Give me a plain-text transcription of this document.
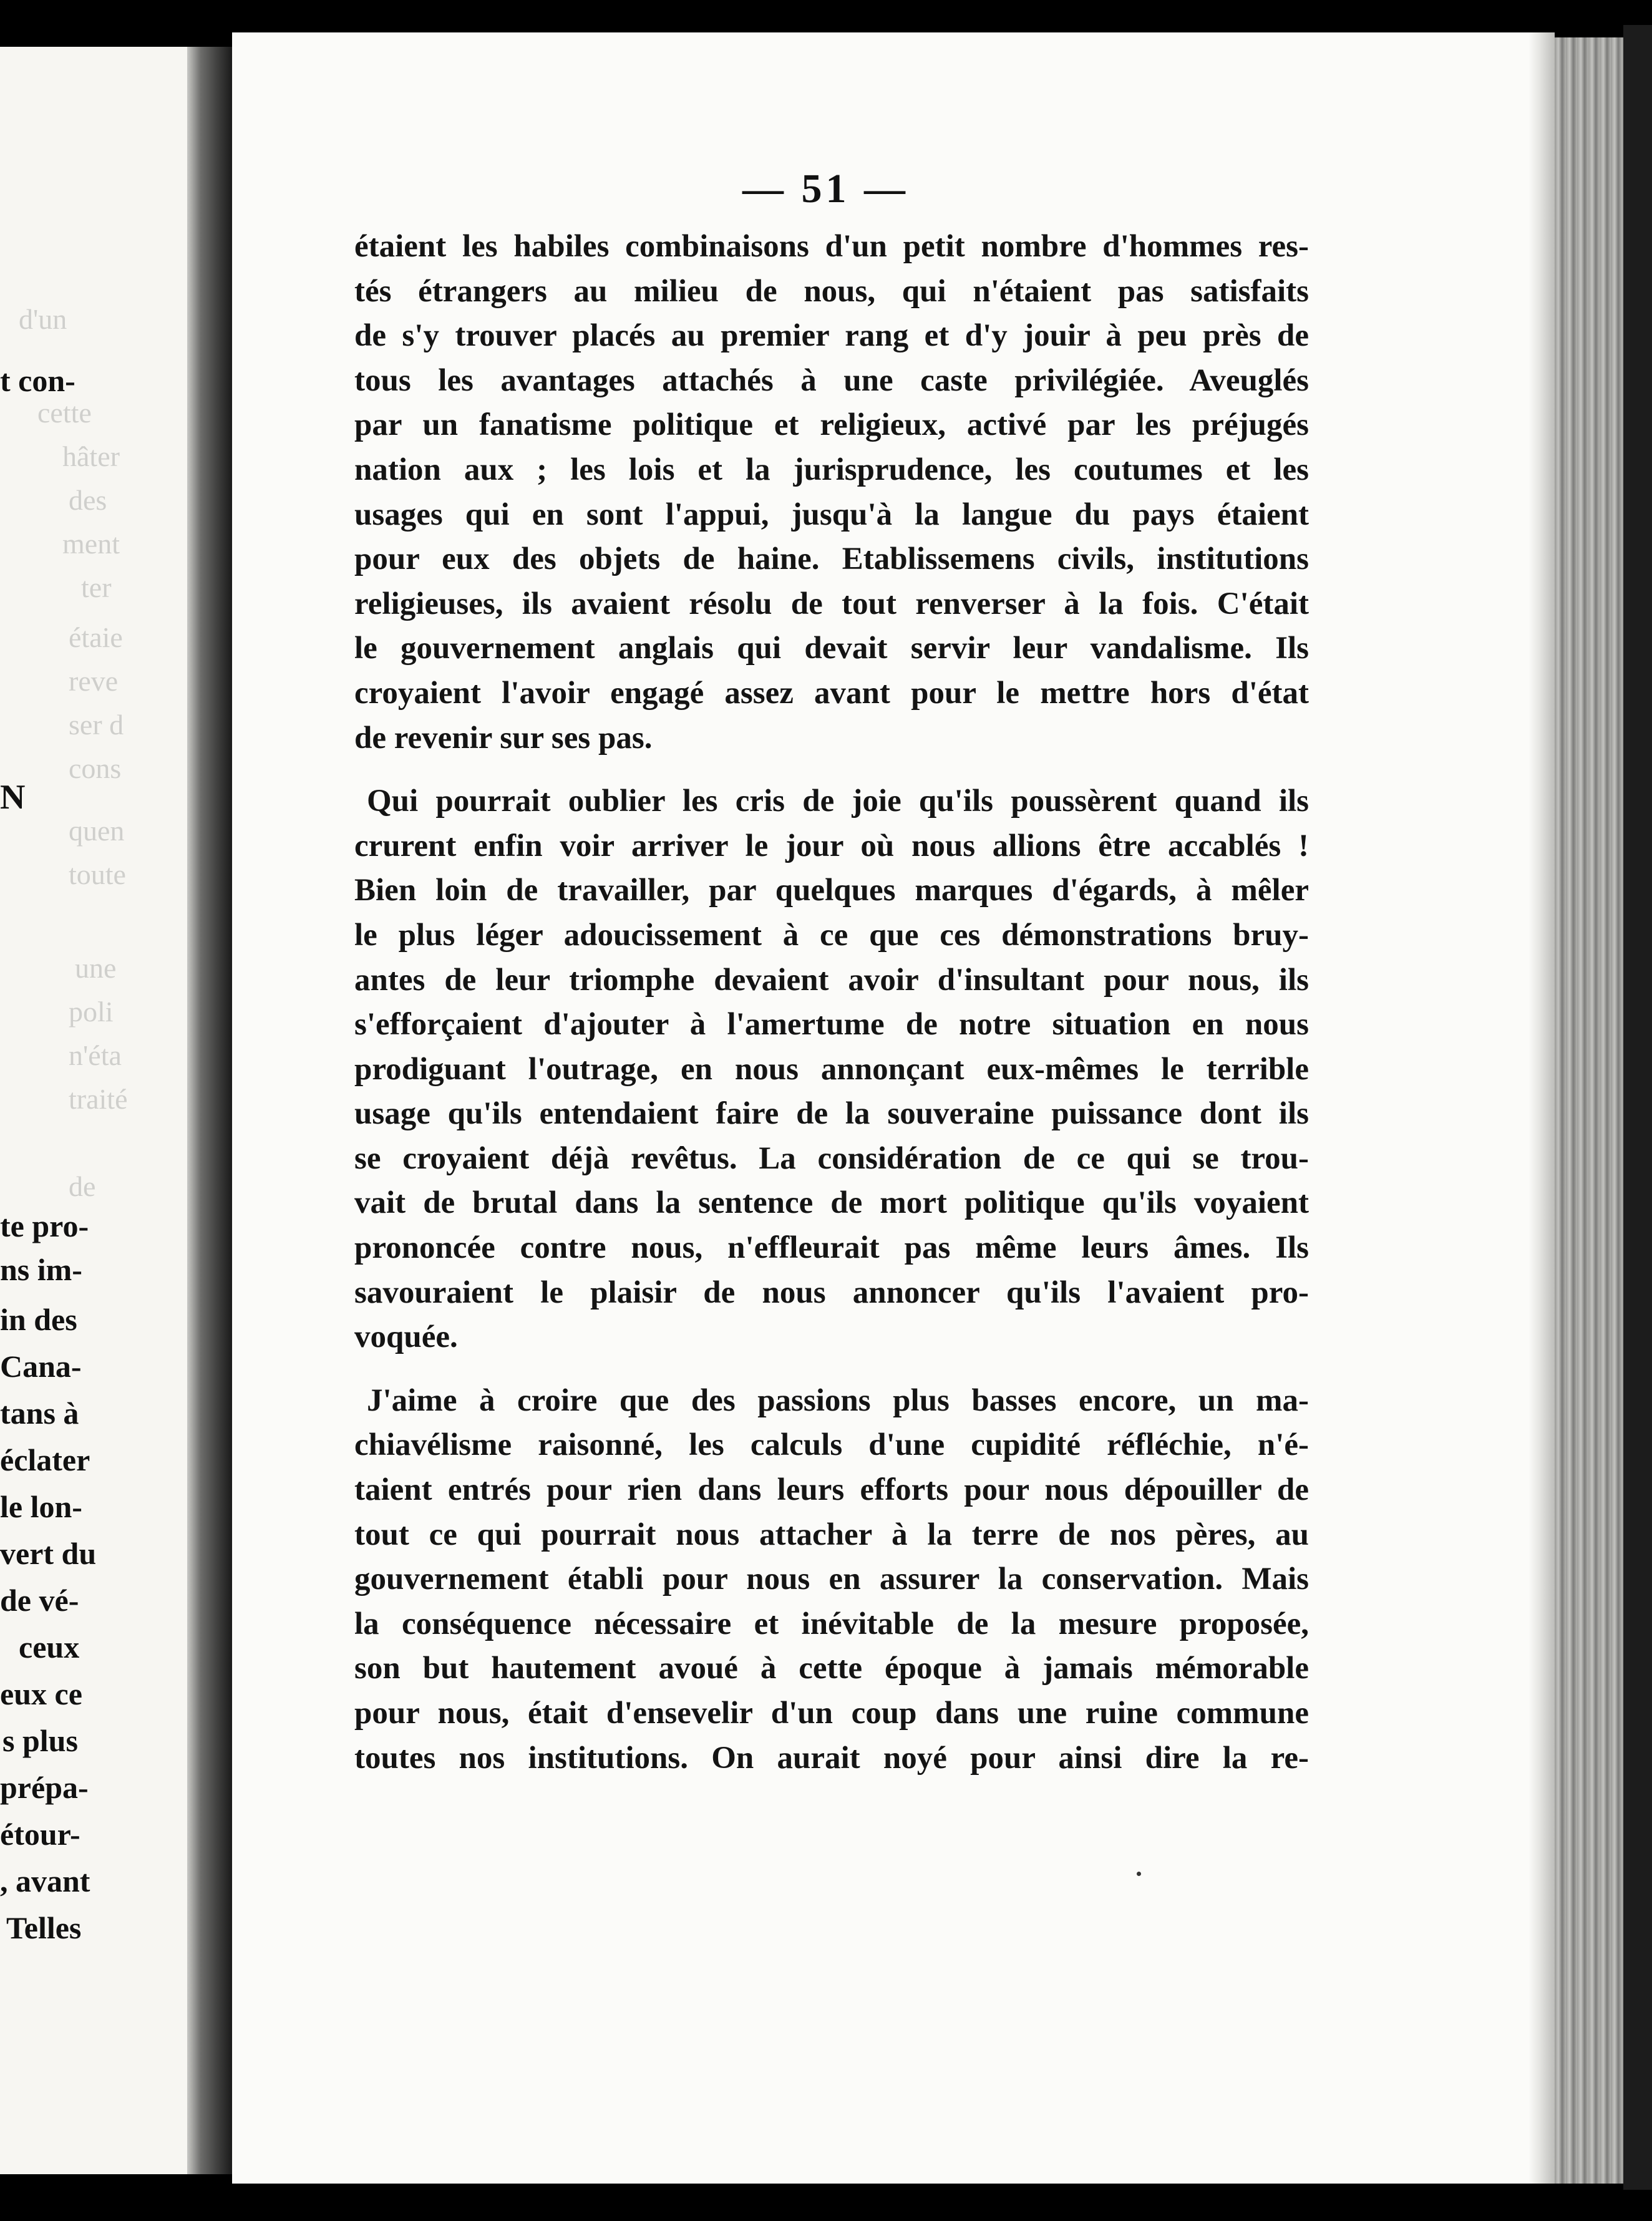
d'un
cette
hâter
des
ment
ter
étaie
reve
ser d
cons
quen
toute
une
poli
n'éta
traité
de
t con-
N
te pro-
ns im-
in des
Cana-
tans à
éclater
le lon-
vert du
de vé-
ceux
eux ce
s plus
prépa-
étour-
, avant
Telles
— 51 —
étaient les habiles combinaisons d'un petit nombre d'hommes res-
tés étrangers au milieu de nous, qui n'étaient pas satisfaits
de s'y trouver placés au premier rang et d'y jouir à peu près de
tous les avantages attachés à une caste privilégiée. Aveuglés
par un fanatisme politique et religieux, activé par les préjugés
nation aux ; les lois et la jurisprudence, les coutumes et les
usages qui en sont l'appui, jusqu'à la langue du pays étaient
pour eux des objets de haine. Etablissemens civils, institutions
religieuses, ils avaient résolu de tout renverser à la fois. C'était
le gouvernement anglais qui devait servir leur vandalisme. Ils
croyaient l'avoir engagé assez avant pour le mettre hors d'état
de revenir sur ses pas.
Qui pourrait oublier les cris de joie qu'ils poussèrent quand ils
crurent enfin voir arriver le jour où nous allions être accablés !
Bien loin de travailler, par quelques marques d'égards, à mêler
le plus léger adoucissement à ce que ces démonstrations bruy-
antes de leur triomphe devaient avoir d'insultant pour nous, ils
s'efforçaient d'ajouter à l'amertume de notre situation en nous
prodiguant l'outrage, en nous annonçant eux-mêmes le terrible
usage qu'ils entendaient faire de la souveraine puissance dont ils
se croyaient déjà revêtus. La considération de ce qui se trou-
vait de brutal dans la sentence de mort politique qu'ils voyaient
prononcée contre nous, n'effleurait pas même leurs âmes. Ils
savouraient le plaisir de nous annoncer qu'ils l'avaient pro-
voquée.
J'aime à croire que des passions plus basses encore, un ma-
chiavélisme raisonné, les calculs d'une cupidité réfléchie, n'é-
taient entrés pour rien dans leurs efforts pour nous dépouiller de
tout ce qui pourrait nous attacher à la terre de nos pères, au
gouvernement établi pour nous en assurer la conservation. Mais
la conséquence nécessaire et inévitable de la mesure proposée,
son but hautement avoué à cette époque à jamais mémorable
pour nous, était d'ensevelir d'un coup dans une ruine commune
toutes nos institutions. On aurait noyé pour ainsi dire la re-
